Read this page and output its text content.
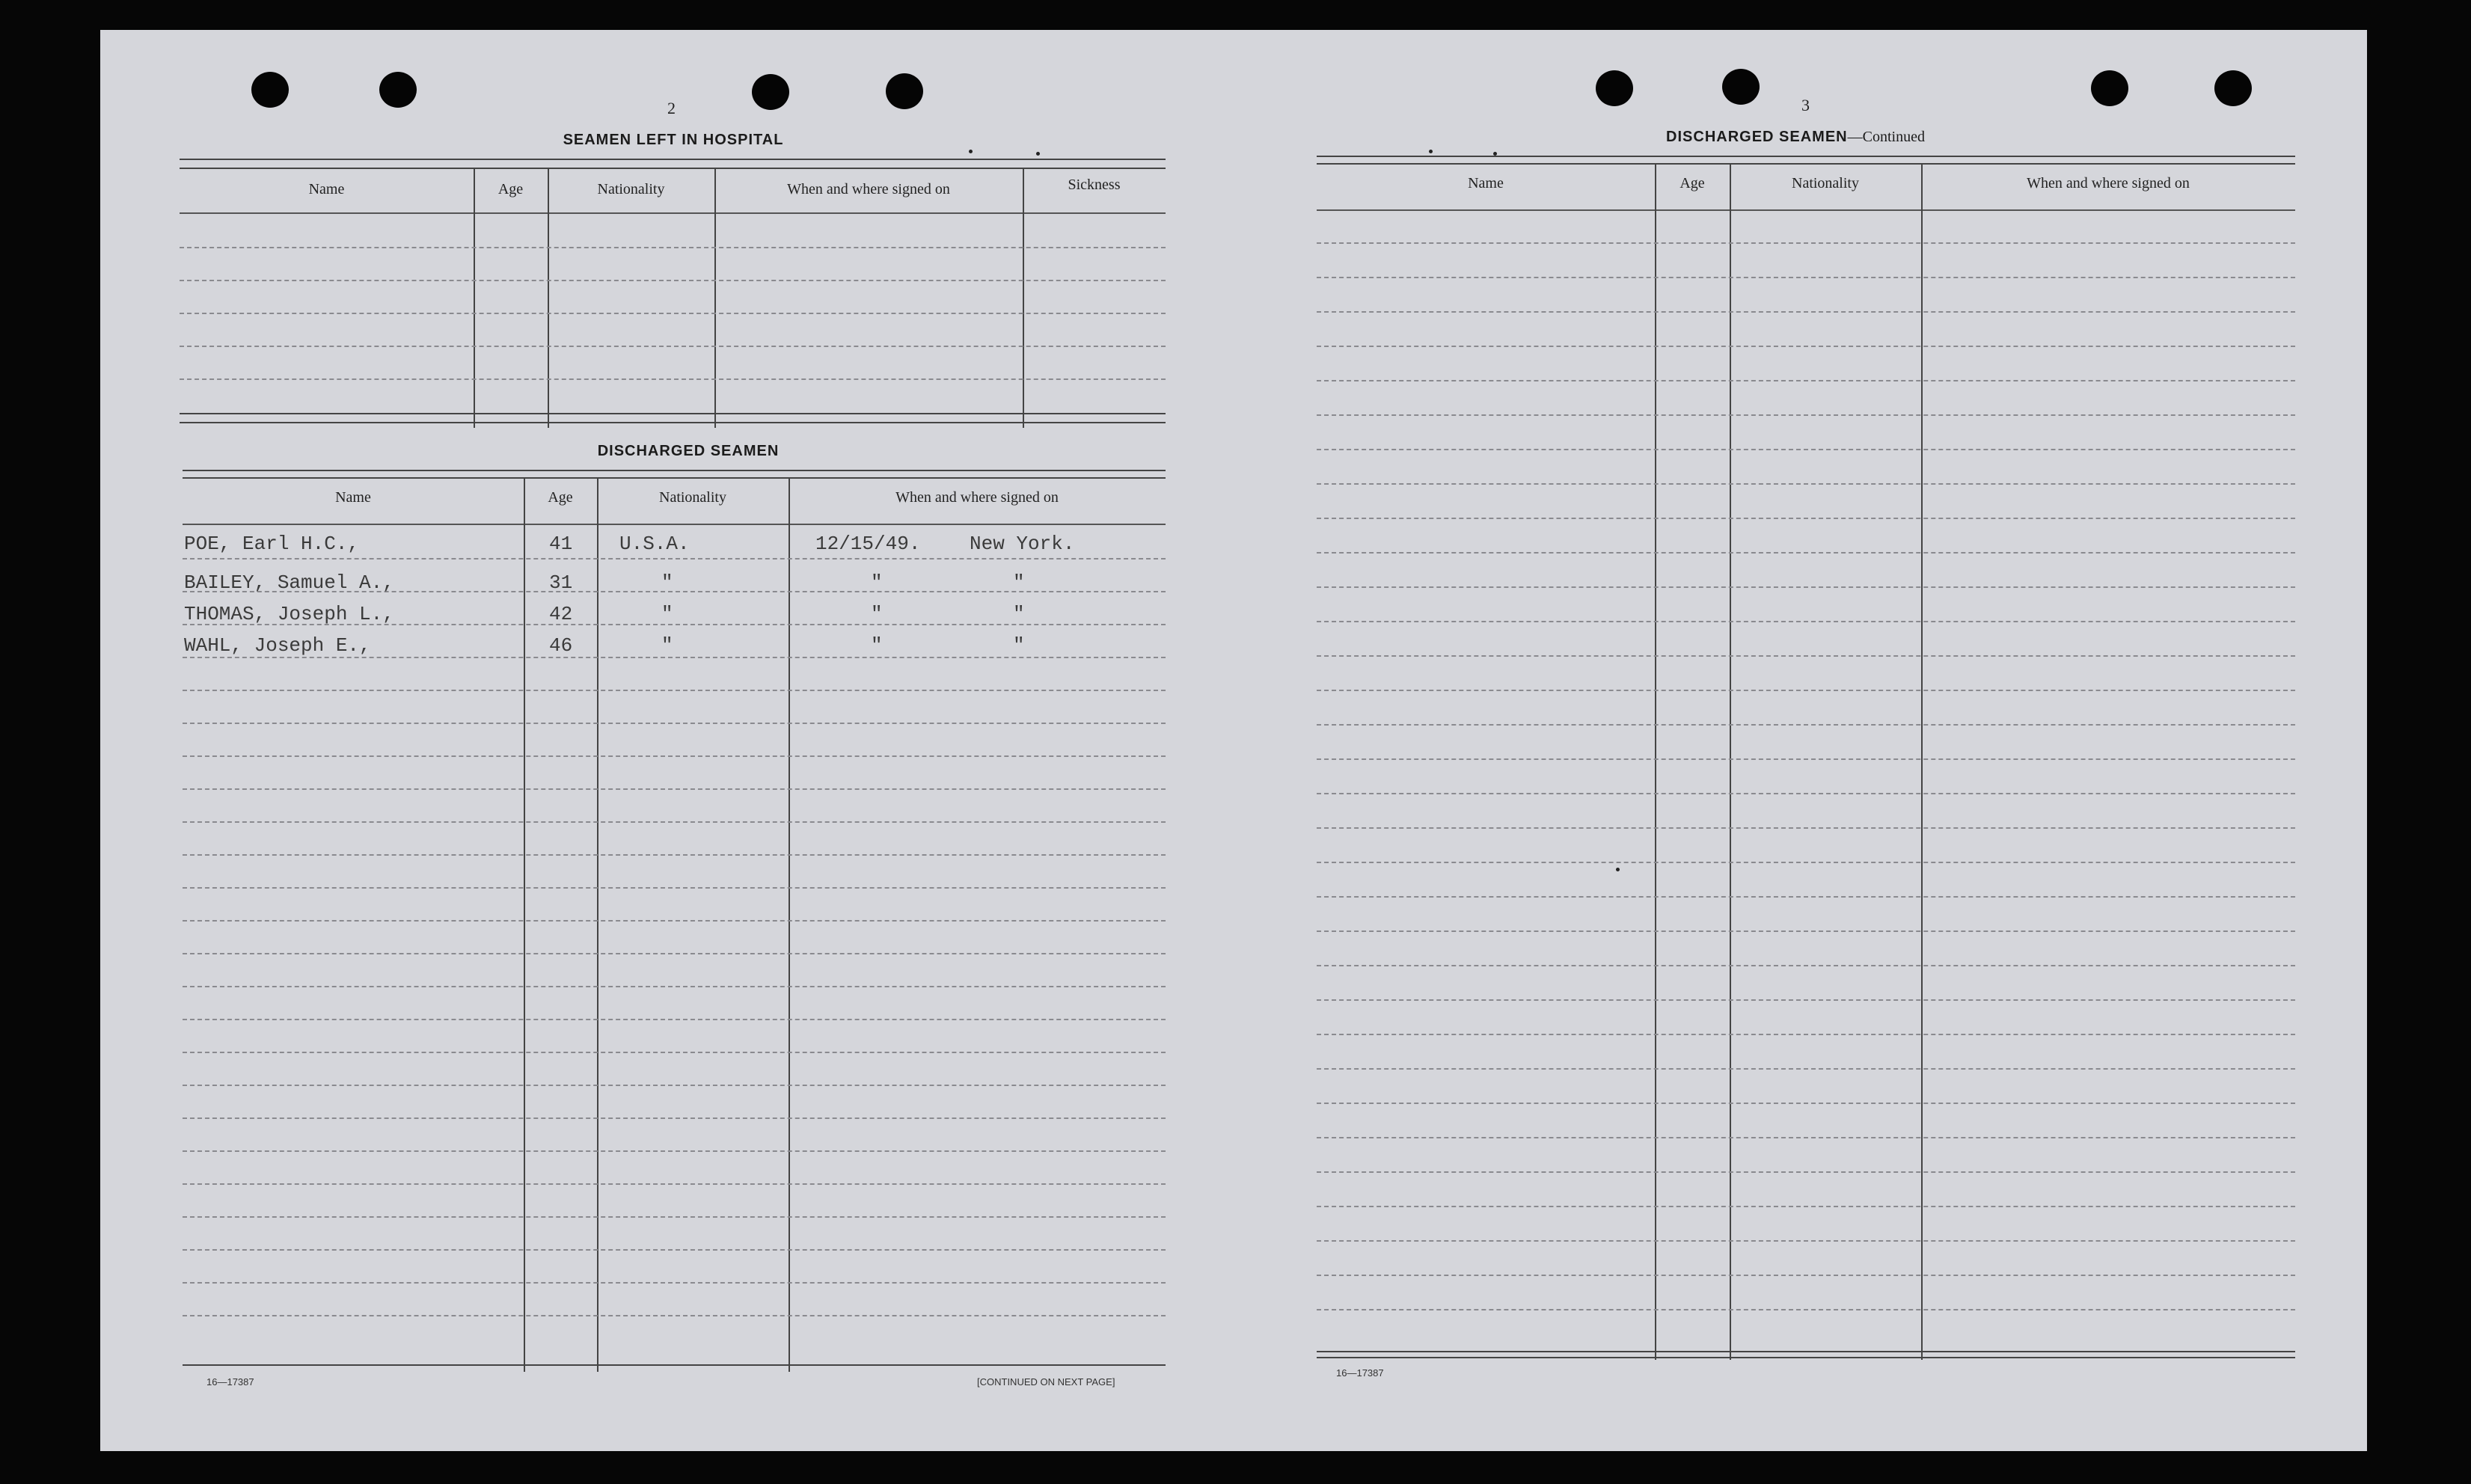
2
SEAMEN LEFT IN HOSPITAL
Name	Age	Nationality	When and where signed on	Sickness
DISCHARGED SEAMEN
Name	Age	Nationality	When and where signed on
POE, Earl H.C.,	41 U.S.A.	12/15/49.	New York.
BAILEY, Samuel A.,	31	"	"	"
THOMAS, Joseph L.,	42	"	"	"
WAHL, Joseph E.,	46	"	"	"
16—17387	[CONTINUED ON NEXT PAGE]
3
DISCHARGED SEAMEN—Continued
Name	Age	Nationality	When and where signed on
16—17387
